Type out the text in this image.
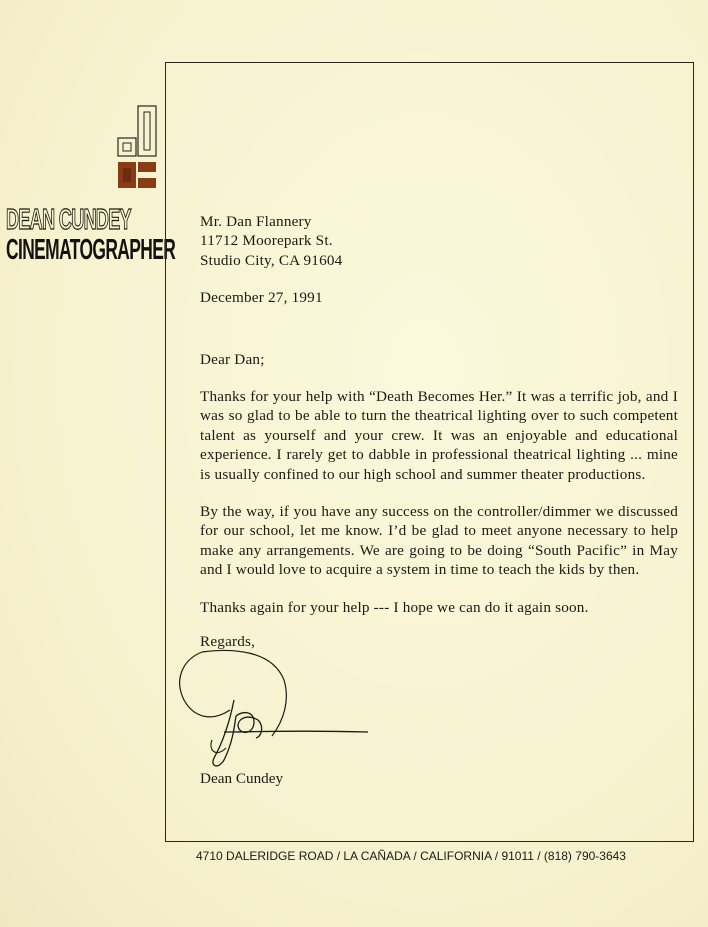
DEAN CUNDEY
CINEMATOGRAPHER
Mr. Dan Flannery
11712 Moorepark St.
Studio City, CA 91604
December 27, 1991
Dear Dan;

Thanks for your help with “Death Becomes Her.” It was a terrific job, and I was so glad to be able to turn the theatrical lighting over to such competent talent as yourself and your crew. It was an enjoyable and educational experience. I rarely get to dabble in professional theatrical lighting ... mine is usually confined to our high school and summer theater productions.

By the way, if you have any success on the controller/dimmer we discussed for our school, let me know. I’d be glad to meet anyone necessary to help make any arrangements. We are going to be doing “South Pacific” in May and I would love to acquire a system in time to teach the kids by then.

Thanks again for your help --- I hope we can do it again soon.
Regards,
Dean Cundey
4710 DALERIDGE ROAD / LA CAÑADA / CALIFORNIA / 91011 / (818) 790-3643
